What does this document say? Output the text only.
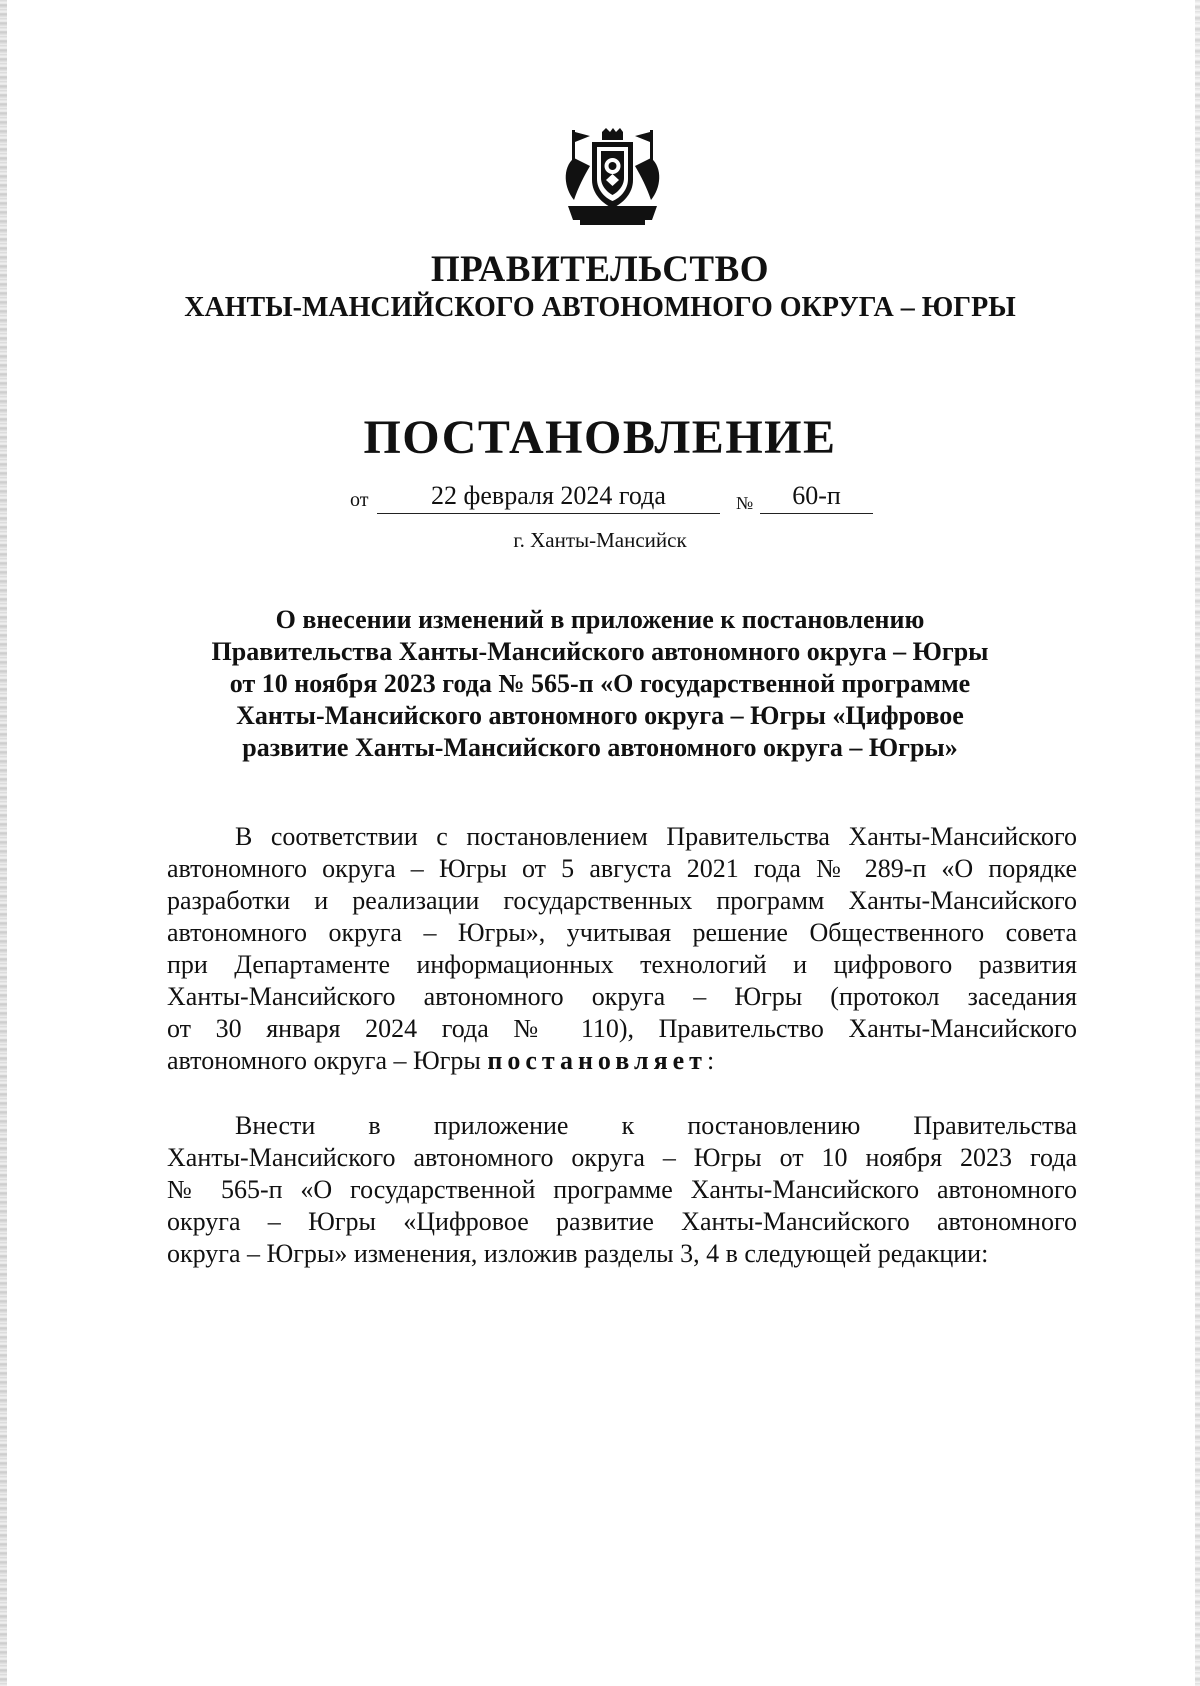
ПРАВИТЕЛЬСТВО
ХАНТЫ-МАНСИЙСКОГО АВТОНОМНОГО ОКРУГА – ЮГРЫ
ПОСТАНОВЛЕНИЕ
от	22 февраля 2024 года	№	60-п
г. Ханты-Мансийск
О внесении изменений в приложение к постановлению
Правительства Ханты-Мансийского автономного округа – Югры
от 10 ноября 2023 года № 565-п «О государственной программе
Ханты-Мансийского автономного округа – Югры «Цифровое
развитие Ханты-Мансийского автономного округа – Югры»
В соответствии с постановлением Правительства Ханты-Мансийского
автономного округа – Югры от 5 августа 2021 года № 289-п «О порядке
разработки и реализации государственных программ Ханты-Мансийского
автономного округа – Югры», учитывая решение Общественного совета
при Департаменте информационных технологий и цифрового развития
Ханты-Мансийского автономного округа – Югры (протокол заседания
от 30 января 2024 года № 110), Правительство Ханты-Мансийского
автономного округа – Югры постановляет:
Внести в приложение к постановлению Правительства
Ханты-Мансийского автономного округа – Югры от 10 ноября 2023 года
№ 565-п «О государственной программе Ханты-Мансийского автономного
округа – Югры «Цифровое развитие Ханты-Мансийского автономного
округа – Югры» изменения, изложив разделы 3, 4 в следующей редакции:
